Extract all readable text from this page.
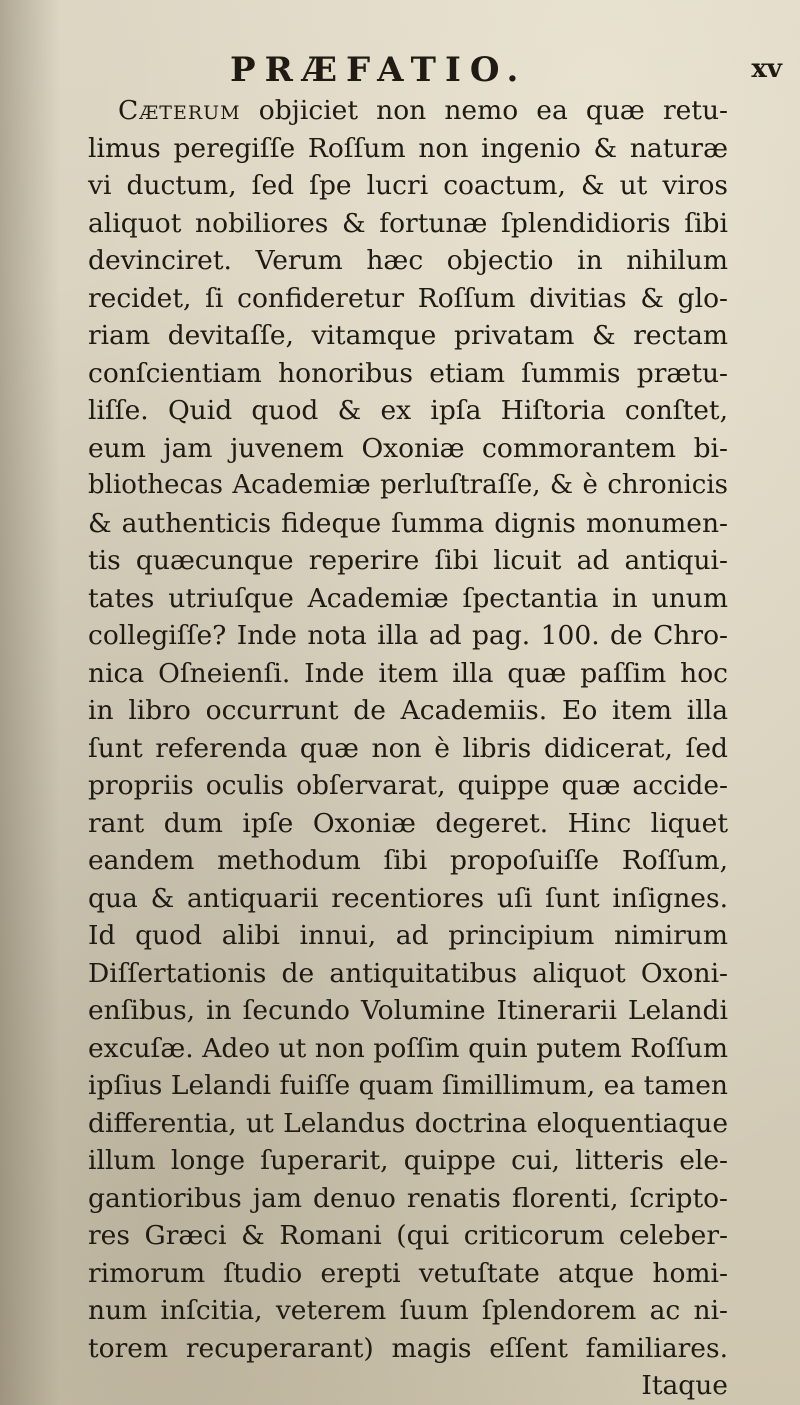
PRÆFATIO.	xv
Cæterum objiciet non nemo ea quæ retu-
limus peregiſſe Roſſum non ingenio & naturæ
vi ductum, ſed ſpe lucri coactum, & ut viros
aliquot nobiliores & fortunæ ſplendidioris ſibi
devinciret. Verum hæc objectio in nihilum
recidet, ſi confideretur Roſſum divitias & glo-
riam devitaſſe, vitamque privatam & rectam
conſcientiam honoribus etiam ſummis prætu-
liſſe. Quid quod & ex ipſa Hiſtoria conſtet,
eum jam juvenem Oxoniæ commorantem bi-
bliothecas Academiæ perluſtraſſe, & è chronicis
& authenticis fideque ſumma dignis monumen-
tis quæcunque reperire ſibi licuit ad antiqui-
tates utriuſque Academiæ ſpectantia in unum
collegiſſe? Inde nota illa ad pag. 100. de Chro-
nica Oſneienſi. Inde item illa quæ paſſim hoc
in libro occurrunt de Academiis. Eo item illa
ſunt referenda quæ non è libris didicerat, ſed
propriis oculis obſervarat, quippe quæ accide-
rant dum ipſe Oxoniæ degeret. Hinc liquet
eandem methodum ſibi propoſuiſſe Roſſum,
qua & antiquarii recentiores uſi ſunt inſignes.
Id quod alibi innui, ad principium nimirum
Diſſertationis de antiquitatibus aliquot Oxoni-
enſibus, in ſecundo Volumine Itinerarii Lelandi
excuſæ. Adeo ut non poſſim quin putem Roſſum
ipſius Lelandi fuiſſe quam ſimillimum, ea tamen
differentia, ut Lelandus doctrina eloquentiaque
illum longe ſuperarit, quippe cui, litteris ele-
gantioribus jam denuo renatis florenti, ſcripto-
res Græci & Romani (qui criticorum celeber-
rimorum ſtudio erepti vetuſtate atque homi-
num inſcitia, veterem ſuum ſplendorem ac ni-
torem recuperarant) magis eſſent familiares.
Itaque
